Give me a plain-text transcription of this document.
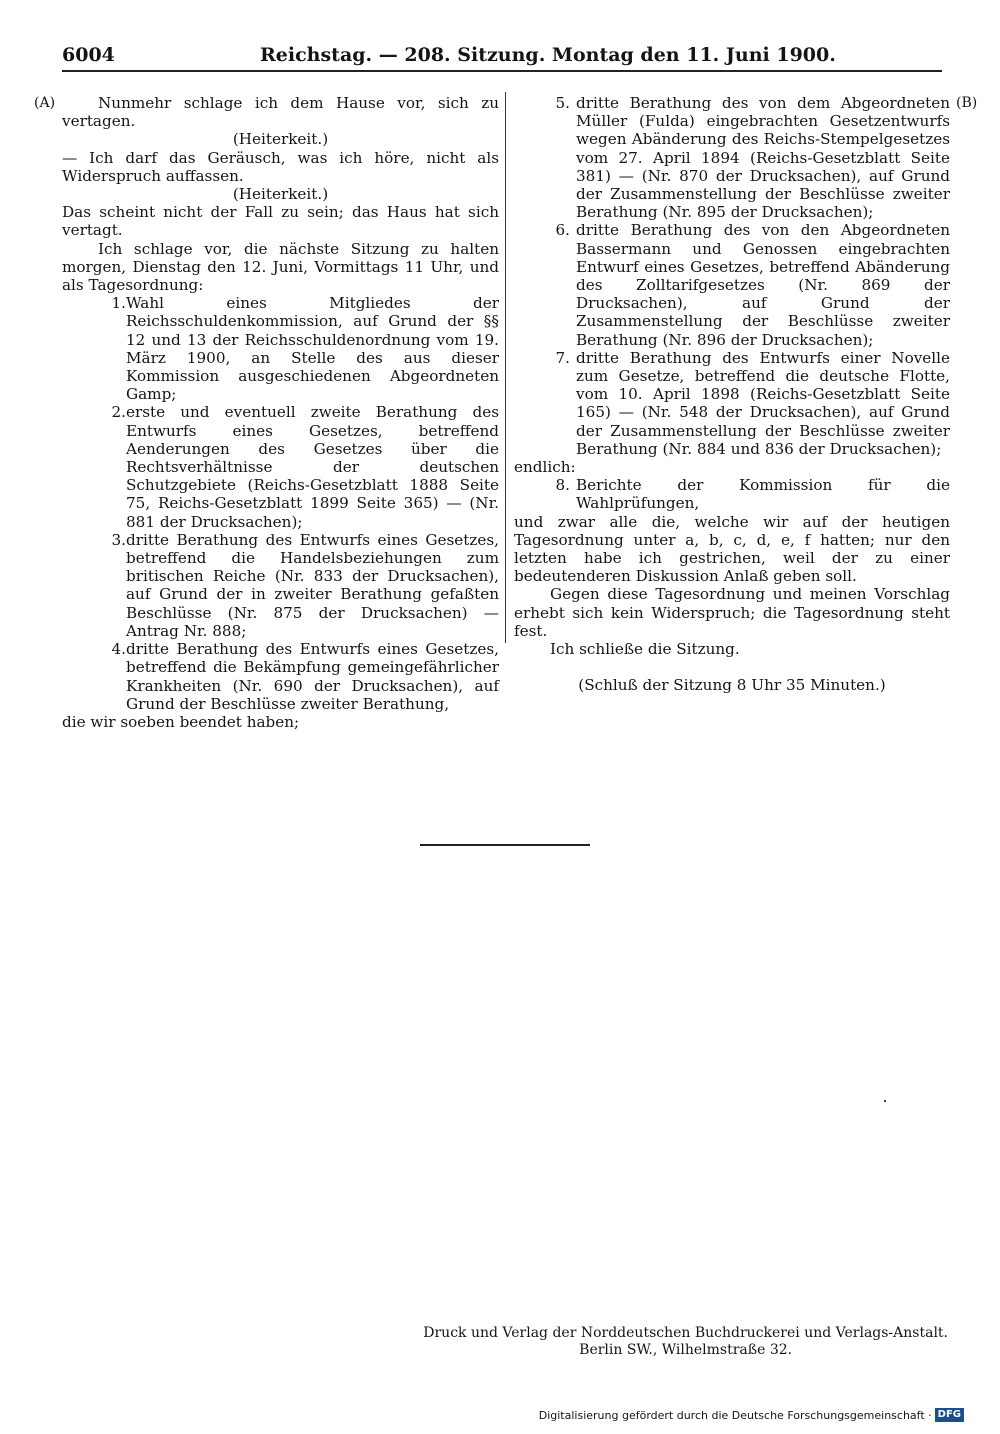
6004	Reichstag. — 208. Sitzung. Montag den 11. Juni 1900.
(A)	(B)

Nunmehr schlage ich dem Hause vor, sich zu vertagen.

(Heiterkeit.)

— Ich darf das Geräusch, was ich höre, nicht als Widerspruch auffassen.

(Heiterkeit.)

Das scheint nicht der Fall zu sein; das Haus hat sich vertagt.

Ich schlage vor, die nächste Sitzung zu halten morgen, Dienstag den 12. Juni, Vormittags 11 Uhr, und als Tagesordnung:

1. Wahl eines Mitgliedes der Reichsschuldenkommission, auf Grund der §§ 12 und 13 der Reichsschuldenordnung vom 19. März 1900, an Stelle des aus dieser Kommission ausgeschiedenen Abgeordneten Gamp;
2. erste und eventuell zweite Berathung des Entwurfs eines Gesetzes, betreffend Aenderungen des Gesetzes über die Rechtsverhältnisse der deutschen Schutzgebiete (Reichs-Gesetzblatt 1888 Seite 75, Reichs-Gesetzblatt 1899 Seite 365) — (Nr. 881 der Drucksachen);
3. dritte Berathung des Entwurfs eines Gesetzes, betreffend die Handelsbeziehungen zum britischen Reiche (Nr. 833 der Drucksachen), auf Grund der in zweiter Berathung gefaßten Beschlüsse (Nr. 875 der Drucksachen) — Antrag Nr. 888;
4. dritte Berathung des Entwurfs eines Gesetzes, betreffend die Bekämpfung gemeingefährlicher Krankheiten (Nr. 690 der Drucksachen), auf Grund der Beschlüsse zweiter Berathung,

die wir soeben beendet haben;

5. dritte Berathung des von dem Abgeordneten Müller (Fulda) eingebrachten Gesetzentwurfs wegen Abänderung des Reichs-Stempelgesetzes vom 27. April 1894 (Reichs-Gesetzblatt Seite 381) — (Nr. 870 der Drucksachen), auf Grund der Zusammenstellung der Beschlüsse zweiter Berathung (Nr. 895 der Drucksachen);
6. dritte Berathung des von den Abgeordneten Bassermann und Genossen eingebrachten Entwurf eines Gesetzes, betreffend Abänderung des Zolltarifgesetzes (Nr. 869 der Drucksachen), auf Grund der Zusammenstellung der Beschlüsse zweiter Berathung (Nr. 896 der Drucksachen);
7. dritte Berathung des Entwurfs einer Novelle zum Gesetze, betreffend die deutsche Flotte, vom 10. April 1898 (Reichs-Gesetzblatt Seite 165) — (Nr. 548 der Drucksachen), auf Grund der Zusammenstellung der Beschlüsse zweiter Berathung (Nr. 884 und 836 der Drucksachen);

endlich:

8. Berichte der Kommission für die Wahlprüfungen,

und zwar alle die, welche wir auf der heutigen Tagesordnung unter a, b, c, d, e, f hatten; nur den letzten habe ich gestrichen, weil der zu einer bedeutenderen Diskussion Anlaß geben soll.

Gegen diese Tagesordnung und meinen Vorschlag erhebt sich kein Widerspruch; die Tagesordnung steht fest.

Ich schließe die Sitzung.

(Schluß der Sitzung 8 Uhr 35 Minuten.)

Druck und Verlag der Norddeutschen Buchdruckerei und Verlags-Anstalt.

Berlin SW., Wilhelmstraße 32.

Digitalisierung gefördert durch die Deutsche Forschungsgemeinschaft · DFG
